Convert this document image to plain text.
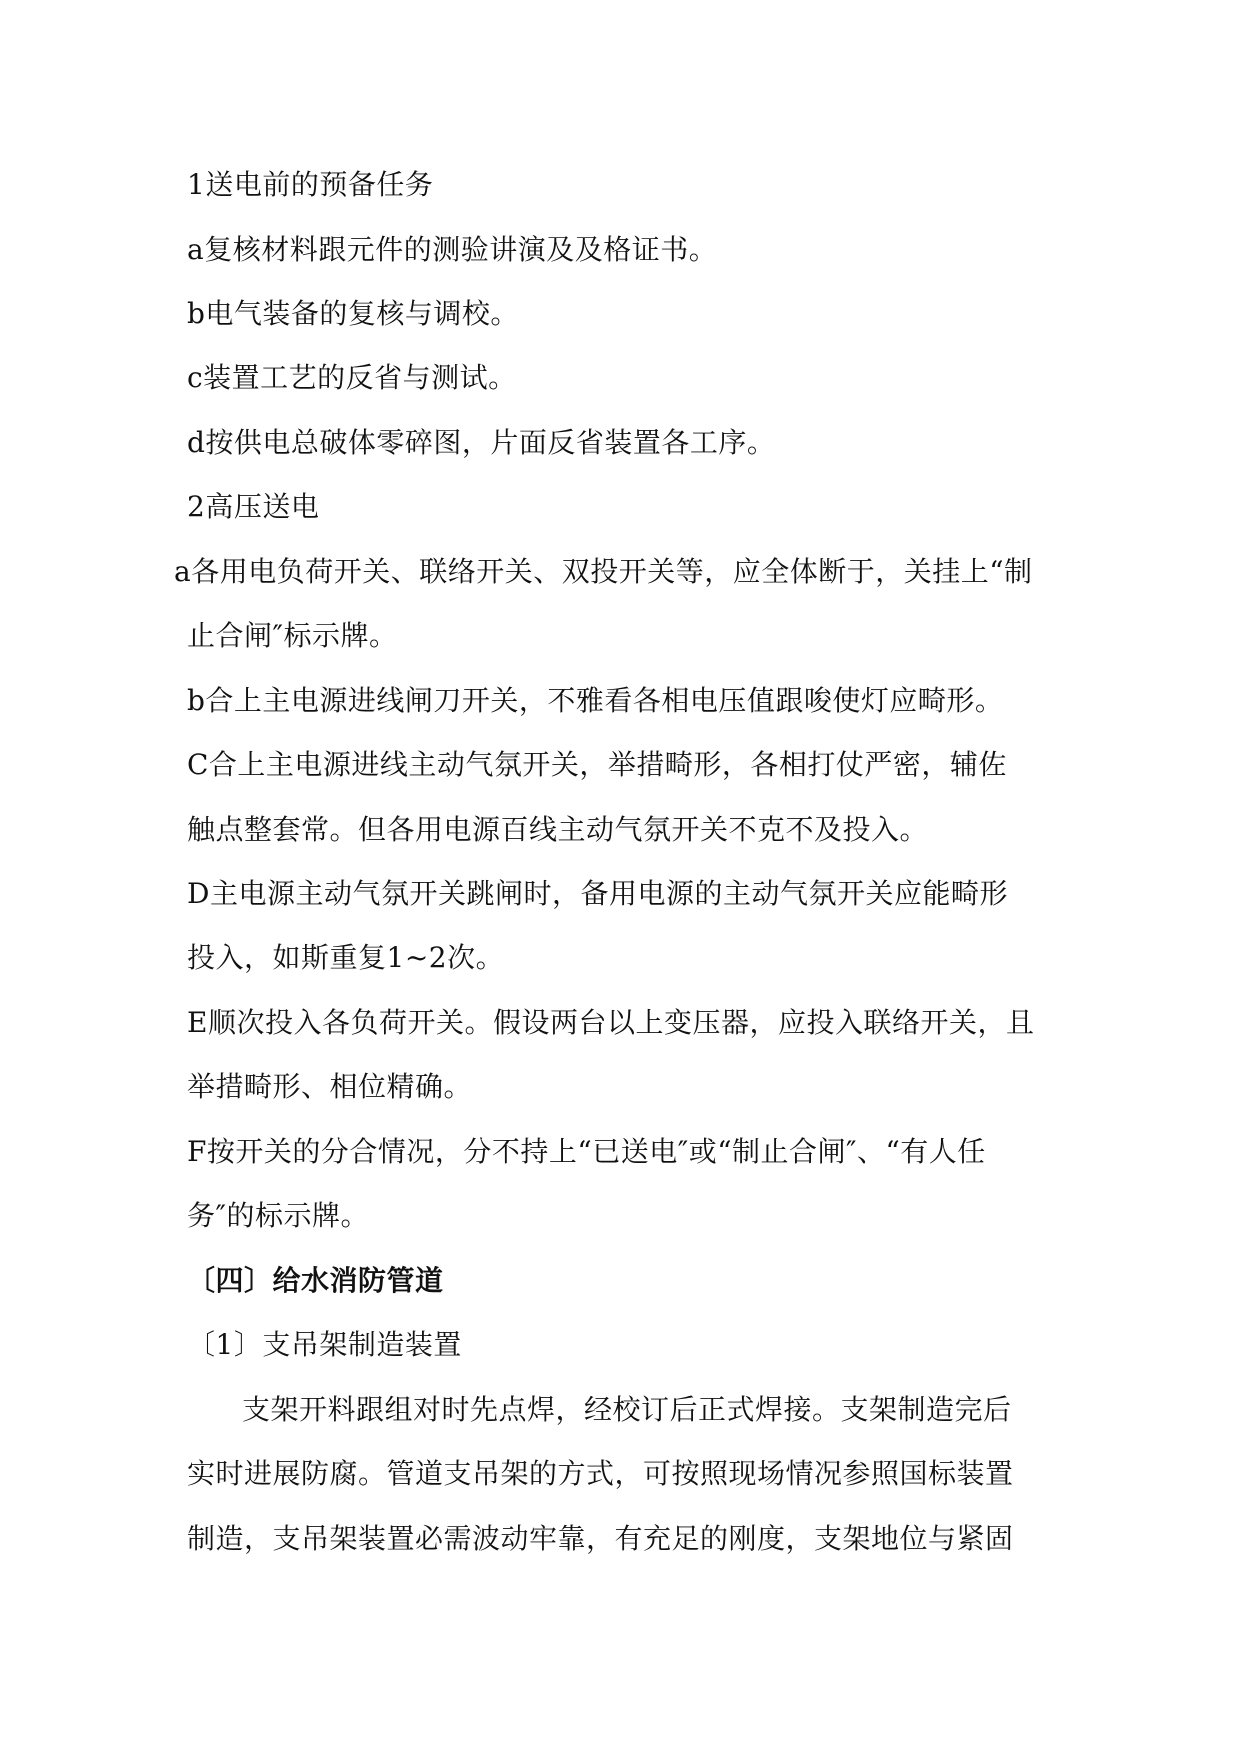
1送电前的预备任务
a复核材料跟元件的测验讲演及及格证书。
b电气装备的复核与调校。
c装置工艺的反省与测试。
d按供电总破体零碎图，片面反省装置各工序。
2高压送电
a各用电负荷开关、联络开关、双投开关等，应全体断于，关挂上“制
止合闸″标示牌。
b合上主电源进线闸刀开关，不雅看各相电压值跟唆使灯应畸形。
C合上主电源进线主动气氛开关，举措畸形，各相打仗严密，辅佐
触点整套常。但各用电源百线主动气氛开关不克不及投入。
D主电源主动气氛开关跳闸时，备用电源的主动气氛开关应能畸形
投入，如斯重复1~2次。
E顺次投入各负荷开关。假设两台以上变压器，应投入联络开关，且
举措畸形、相位精确。
F按开关的分合情况，分不持上“已送电″或“制止合闸″、“有人任
务″的标示牌。
〔四〕给水消防管道
〔1〕支吊架制造装置
支架开料跟组对时先点焊，经校订后正式焊接。支架制造完后
实时进展防腐。管道支吊架的方式，可按照现场情况参照国标装置
制造，支吊架装置必需波动牢靠，有充足的刚度，支架地位与紧固
